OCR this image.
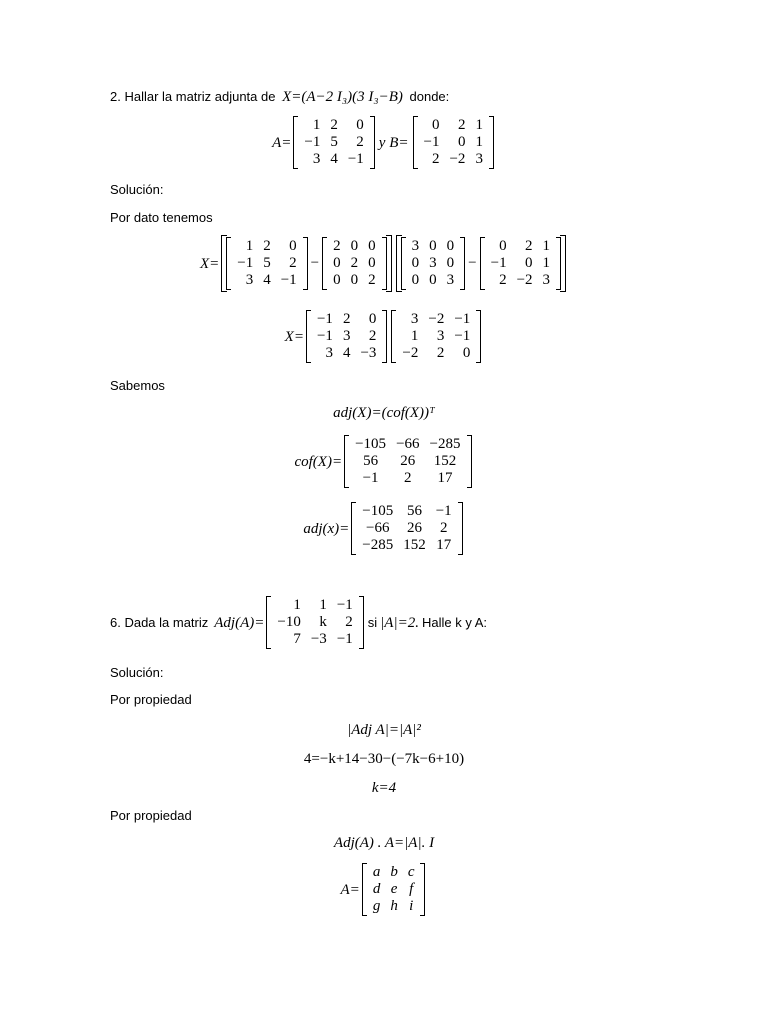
2. Hallar la matriz adjunta de X=(A−2 I₃)(3 I₃−B) donde:
A=
1	2	0
−1	5	2
3	4	−1
y B=
0	2	1
−1	0	1
2	−2	3
Solución:
Por dato tenemos
X=
1	2	0
−1	5	2
3	4	−1
−
2	0	0
0	2	0
0	0	2
3	0	0
0	3	0
0	0	3
−
0	2	1
−1	0	1
2	−2	3
X=
−1	2	0
−1	3	2
3	4	−3
3	−2	−1
1	3	−1
−2	2	0
Sabemos
adj(X)=(cof(X))ᵀ
cof(X)=
−105	−66	−285
56	26	152
−1	2	17
adj(x)=
−105	56	−1
−66	26	2
−285	152	17
6. Dada la matriz Adj(A)=
1	1	−1
−10	k	2
7	−3	−1
si |A|=2. Halle k y A:
Solución:
Por propiedad
|Adj A|=|A|²
4=−k+14−30−(−7k−6+10)
k=4
Por propiedad
Adj(A) . A=|A|. I
A=
a	b	c
d	e	f
g	h	i
